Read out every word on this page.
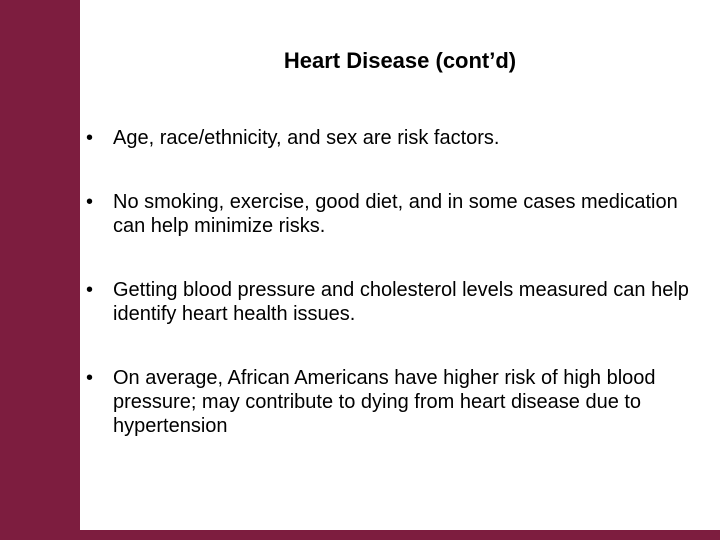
Heart Disease (cont’d)
• Age, race/ethnicity, and sex are risk factors.
• No smoking, exercise, good diet, and in some cases medication can help minimize risks.
• Getting blood pressure and cholesterol levels measured can help identify heart health issues.
• On average, African Americans have higher risk of high blood pressure; may contribute to dying from heart disease due to hypertension
